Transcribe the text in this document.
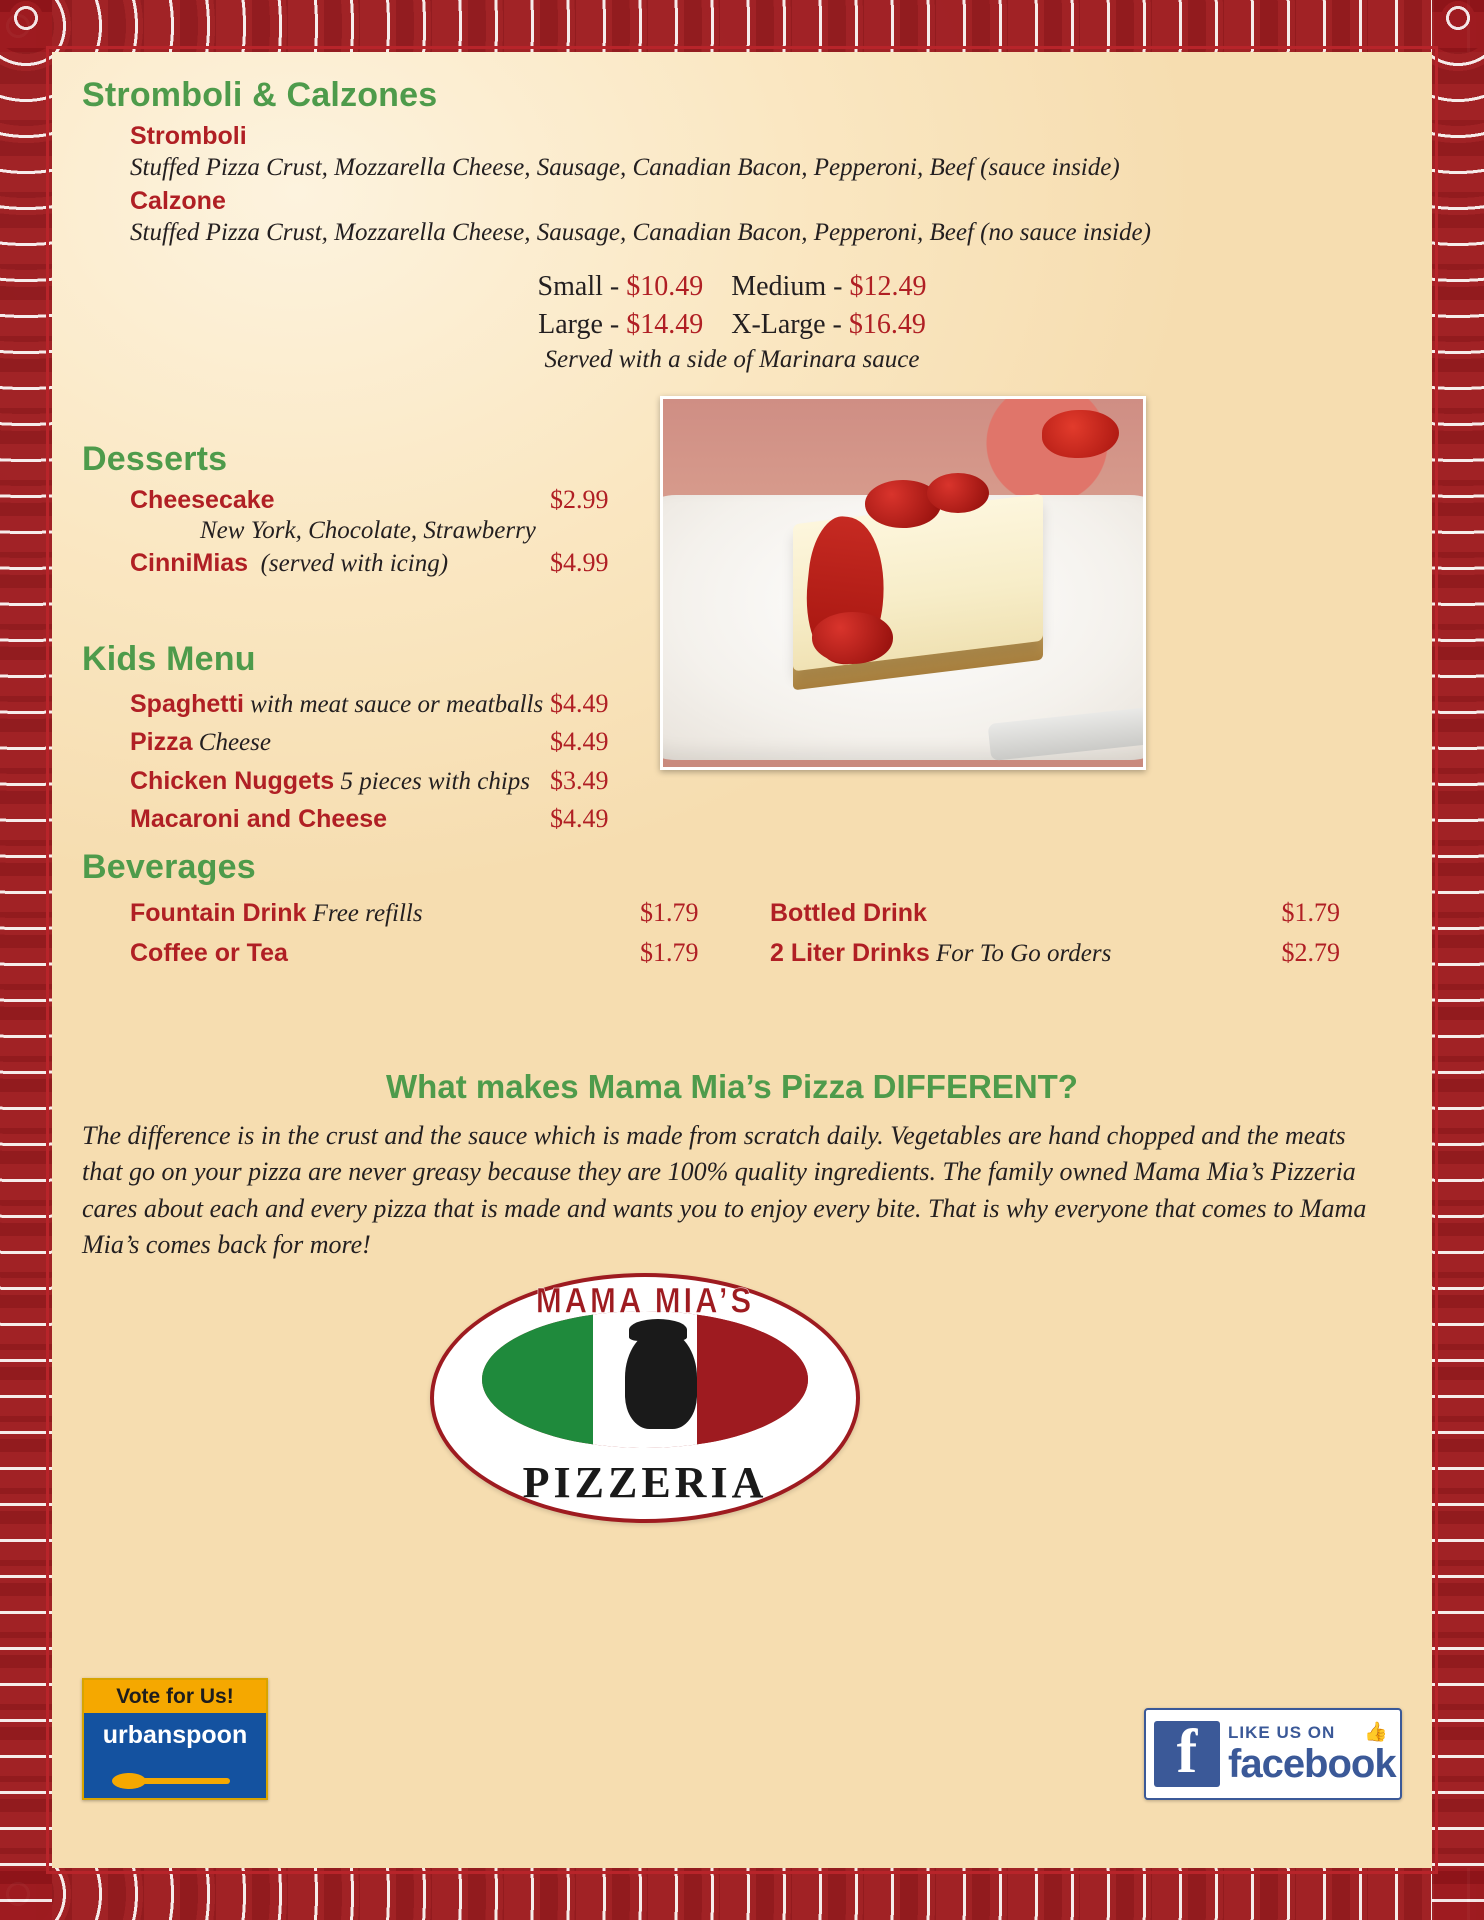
Stromboli & Calzones
Stromboli
Stuffed Pizza Crust, Mozzarella Cheese, Sausage, Canadian Bacon, Pepperoni, Beef (sauce inside)
Calzone
Stuffed Pizza Crust, Mozzarella Cheese, Sausage, Canadian Bacon, Pepperoni, Beef (no sauce inside)
Small - $10.49 Medium - $12.49
Large - $14.49 X-Large - $16.49
Served with a side of Marinara sauce
Desserts
Cheesecake	$2.99
New York, Chocolate, Strawberry
CinniMias (served with icing)	$4.99
Kids Menu
Spaghetti with meat sauce or meatballs $4.49
Pizza Cheese	$4.49
Chicken Nuggets 5 pieces with chips $3.49
Macaroni and Cheese	$4.49
Beverages
Fountain Drink Free refills	$1.79
Coffee or Tea	$1.79
Bottled Drink	$1.79
2 Liter Drinks For To Go orders	$2.79
What makes Mama Mia’s Pizza DIFFERENT?

The difference is in the crust and the sauce which is made from scratch daily. Vegetables are hand chopped and the meats that go on your pizza are never greasy because they are 100% quality ingredients. The family owned Mama Mia’s Pizzeria cares about each and every pizza that is made and wants you to enjoy every bite. That is why everyone that comes to Mama Mia’s comes back for more!

MAMA MIA’S
PIZZERIA
Vote for Us!
urbanspoon	f	LIKE US ON
facebook
👍
